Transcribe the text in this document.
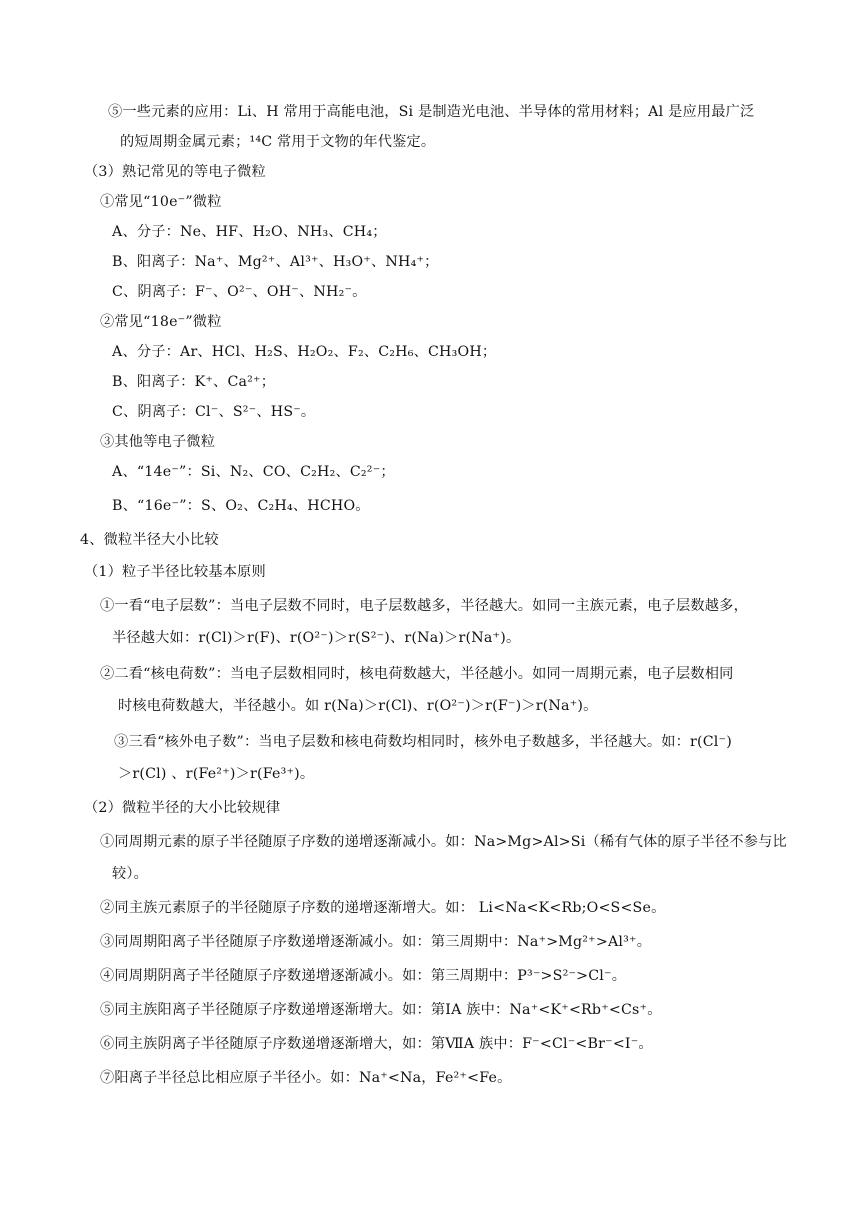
⑤一些元素的应用：Li、H 常用于高能电池，Si 是制造光电池、半导体的常用材料；Al 是应用最广泛
的短周期金属元素；¹⁴C 常用于文物的年代鉴定。
（3）熟记常见的等电子微粒
①常见“10e⁻”微粒
A、分子：Ne、HF、H₂O、NH₃、CH₄；
B、阳离子：Na⁺、Mg²⁺、Al³⁺、H₃O⁺、NH₄⁺；
C、阴离子：F⁻、O²⁻、OH⁻、NH₂⁻。
②常见“18e⁻”微粒
A、分子：Ar、HCl、H₂S、H₂O₂、F₂、C₂H₆、CH₃OH；
B、阳离子：K⁺、Ca²⁺；
C、阴离子：Cl⁻、S²⁻、HS⁻。
③其他等电子微粒
A、“14e⁻”：Si、N₂、CO、C₂H₂、C₂²⁻；
B、“16e⁻”：S、O₂、C₂H₄、HCHO。
4、微粒半径大小比较
（1）粒子半径比较基本原则
①一看“电子层数”：当电子层数不同时，电子层数越多，半径越大。如同一主族元素，电子层数越多，
半径越大如：r(Cl)＞r(F)、r(O²⁻)＞r(S²⁻)、r(Na)＞r(Na⁺)。
②二看“核电荷数”：当电子层数相同时，核电荷数越大，半径越小。如同一周期元素，电子层数相同
时核电荷数越大，半径越小。如 r(Na)＞r(Cl)、r(O²⁻)＞r(F⁻)＞r(Na⁺)。
③三看“核外电子数”：当电子层数和核电荷数均相同时，核外电子数越多，半径越大。如：r(Cl⁻)
＞r(Cl) 、r(Fe²⁺)＞r(Fe³⁺)。
（2）微粒半径的大小比较规律
①同周期元素的原子半径随原子序数的递增逐渐减小。如：Na>Mg>Al>Si（稀有气体的原子半径不参与比
较）。
②同主族元素原子的半径随原子序数的递增逐渐增大。如： Li<Na<K<Rb;O<S<Se。
③同周期阳离子半径随原子序数递增逐渐减小。如：第三周期中：Na⁺>Mg²⁺>Al³⁺。
④同周期阴离子半径随原子序数递增逐渐减小。如：第三周期中：P³⁻>S²⁻>Cl⁻。
⑤同主族阳离子半径随原子序数递增逐渐增大。如：第ⅠA 族中：Na⁺<K⁺<Rb⁺<Cs⁺。
⑥同主族阴离子半径随原子序数递增逐渐增大，如：第ⅦA 族中：F⁻<Cl⁻<Br⁻<I⁻。
⑦阳离子半径总比相应原子半径小。如：Na⁺<Na，Fe²⁺<Fe。
